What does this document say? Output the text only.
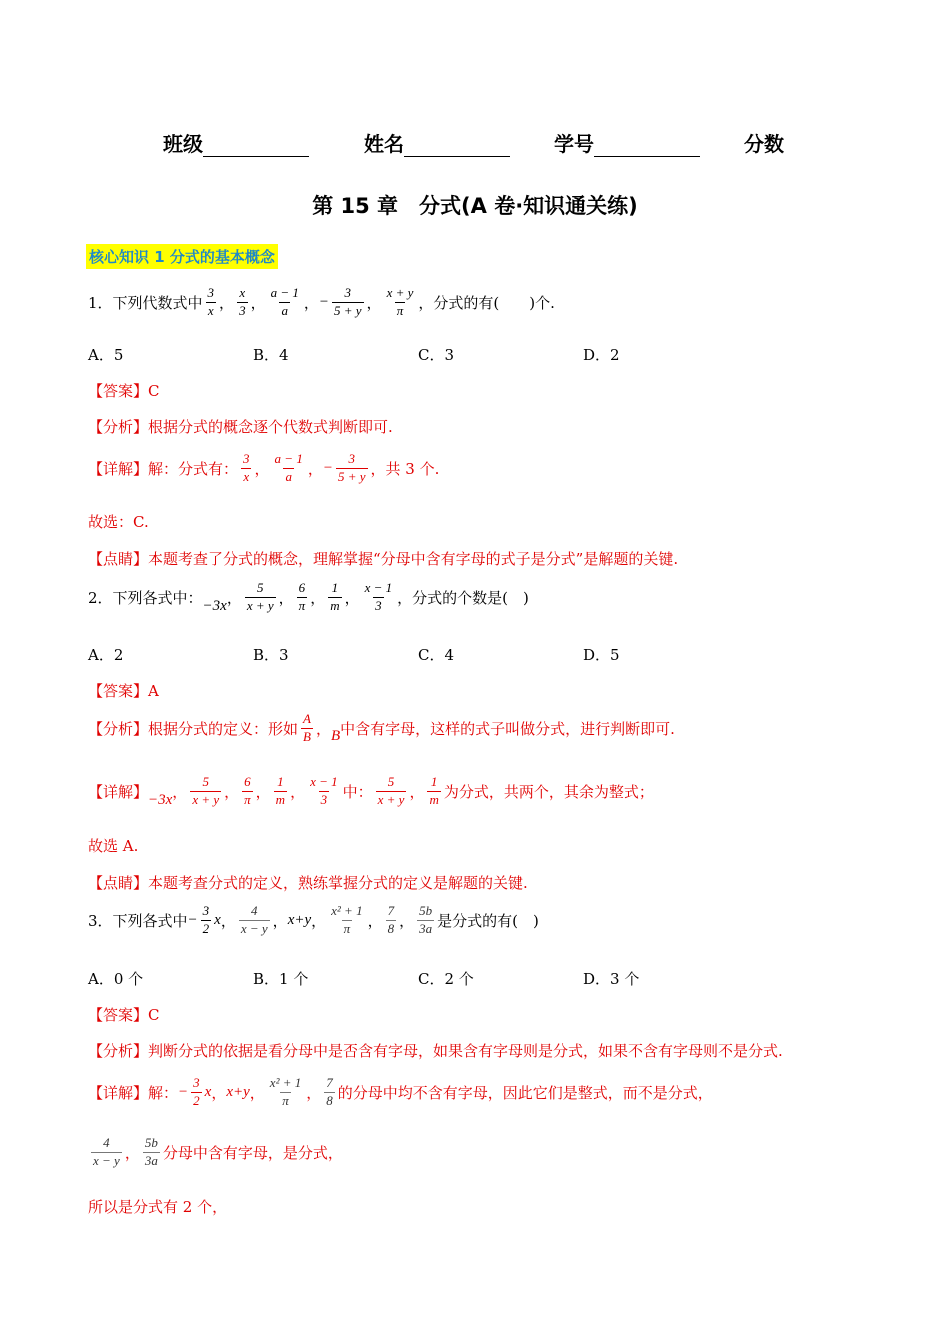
班级	姓名	学号	分数
第 15 章　分式(A 卷·知识通关练)
核心知识 1 分式的基本概念
1．下列代数式中 $\frac{3}{x}$ ， $\frac{x}{3}$ ， $\frac{a - 1}{a}$ ， − $\frac{3}{5 + y}$ ， $\frac{x + y}{\pi}$ ，分式的有(　　)个.
A．5	B．4	C．3	D．2
【答案】C
【分析】 根据分式的概念逐个代数式判断即可.
【详解】 解：分式有： $\frac{3}{x}$ ， $\frac{a - 1}{a}$ ， − $\frac{3}{5 + y}$ ，共 3 个.
故选：C.
【点睛】 本题考查了分式的概念，理解掌握“分母中含有字母的式子是分式”是解题的关键.
2．下列各式中： −3x ， $\frac{5}{x + y}$ ， $\frac{6}{\pi}$ ， $\frac{1}{m}$ ， $\frac{x - 1}{3}$ ，分式的个数是(　)
A．2	B．3	C．4	D．5
【答案】A
【分析】 根据分式的定义：形如 $\frac{A}{B}$ ， B 中含有字母，这样的式子叫做分式，进行判断即可.
【详解】 −3x ， $\frac{5}{x + y}$ ， $\frac{6}{\pi}$ ， $\frac{1}{m}$ ， $\frac{x - 1}{3}$ 中： $\frac{5}{x + y}$ ， $\frac{1}{m}$ 为分式，共两个，其余为整式；
故选 A.
【点睛】 本题考查分式的定义，熟练掌握分式的定义是解题的关键.
3．下列各式中 − $\frac{3}{2}$ x ， $\frac{4}{x - y}$ ， x+y ， $\frac{\text{x² + 1}}{\pi}$ ， $\frac{7}{8}$ ， $\frac{5b}{3a}$ 是分式的有(　)
A．0 个	B．1 个	C．2 个	D．3 个
【答案】C
【分析】 判断分式的依据是看分母中是否含有字母，如果含有字母则是分式，如果不含有字母则不是分式.
【详解】 解： − $\frac{3}{2}$ x ， x+y ， $\frac{\text{x² + 1}}{\pi}$ ， $\frac{7}{8}$ 的分母中均不含有字母，因此它们是整式，而不是分式，
$\frac{4}{x - y}$ ， $\frac{5b}{3a}$ 分母中含有字母，是分式，
所以是分式有 2 个，
